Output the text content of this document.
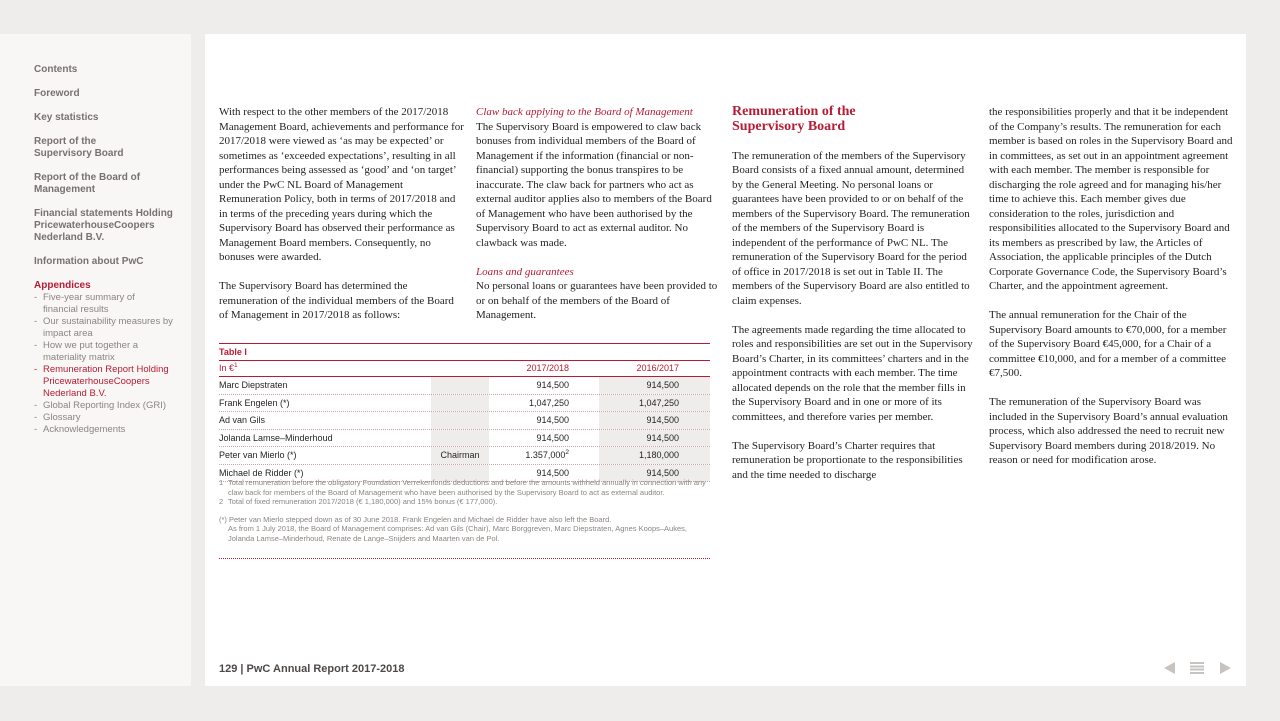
Contents
Foreword
Key statistics
Report of the Supervisory Board
Report of the Board of Management
Financial statements Holding PricewaterhouseCoopers Nederland B.V.
Information about PwC
Appendices
- Five-year summary of financial results
- Our sustainability measures by impact area
- How we put together a materiality matrix
- Remuneration Report Holding PricewaterhouseCoopers Nederland B.V.
- Global Reporting Index (GRI)
- Glossary
- Acknowledgements

With respect to the other members of the 2017/2018 Management Board, achievements and performance for 2017/2018 were viewed as ‘as may be expected’ or sometimes as ‘exceeded expectations’, resulting in all performances being assessed as ‘good’ and ‘on target’ under the PwC NL Board of Management Remuneration Policy, both in terms of 2017/2018 and in terms of the preceding years during which the Supervisory Board has observed their performance as Management Board members. Consequently, no bonuses were awarded.

The Supervisory Board has determined the remuneration of the individual members of the Board of Management in 2017/2018 as follows:

Claw back applying to the Board of Management
The Supervisory Board is empowered to claw back bonuses from individual members of the Board of Management if the information (financial or non-financial) supporting the bonus transpires to be inaccurate. The claw back for partners who act as external auditor applies also to members of the Board of Management who have been authorised by the Supervisory Board to act as external auditor. No clawback was made.

Loans and guarantees
No personal loans or guarantees have been provided to or on behalf of the members of the Board of Management.

Remuneration of the Supervisory Board

The remuneration of the members of the Supervisory Board consists of a fixed annual amount, determined by the General Meeting. No personal loans or guarantees have been provided to or on behalf of the members of the Supervisory Board. The remuneration of the members of the Supervisory Board is independent of the performance of PwC NL. The remuneration of the Supervisory Board for the period of office in 2017/2018 is set out in Table II. The members of the Supervisory Board are also entitled to claim expenses.

The agreements made regarding the time allocated to roles and responsibilities are set out in the Supervisory Board’s Charter, in its committees’ charters and in the appointment contracts with each member. The time allocated depends on the role that the member fills in the Supervisory Board and in one or more of its committees, and therefore varies per member.

The Supervisory Board’s Charter requires that remuneration be proportionate to the responsibilities and the time needed to discharge

the responsibilities properly and that it be independent of the Company’s results. The remuneration for each member is based on roles in the Supervisory Board and in committees, as set out in an appointment agreement with each member. The member is responsible for discharging the role agreed and for managing his/her time to achieve this. Each member gives due consideration to the roles, jurisdiction and responsibilities allocated to the Supervisory Board and its members as prescribed by law, the Articles of Association, the applicable principles of the Dutch Corporate Governance Code, the Supervisory Board’s Charter, and the appointment agreement.

The annual remuneration for the Chair of the Supervisory Board amounts to €70,000, for a member of the Supervisory Board €45,000, for a Chair of a committee €10,000, and for a member of a committee €7,500.

The remuneration of the Supervisory Board was included in the Supervisory Board’s annual evaluation process, which also addressed the need to recruit new Supervisory Board members during 2018/2019. No reason or need for modification arose.

Table I
In €$^1$	2017/2018	2016/2017
Marc Diepstraten	914,500	914,500
Frank Engelen (*)	1,047,250	1,047,250
Ad van Gils	914,500	914,500
Jolanda Lamse–Minderhoud	914,500	914,500
Peter van Mierlo (*)	Chairman	1.357,000$^2$	1,180,000
Michael de Ridder (*)	914,500	914,500
1 Total remuneration before the obligatory Foundation Verrekenfonds deductions and before the amounts withheld annually in connection with any claw back for members of the Board of Management who have been authorised by the Supervisory Board to act as external auditor.
2 Total of fixed remuneration 2017/2018 (€ 1,180,000) and 15% bonus (€ 177,000).
(*) Peter van Mierlo stepped down as of 30 June 2018. Frank Engelen and Michael de Ridder have also left the Board.
As from 1 July 2018, the Board of Management comprises: Ad van Gils (Chair), Marc Borggreven, Marc Diepstraten, Agnes Koops–Aukes, Jolanda Lamse–Minderhoud, Renate de Lange–Snijders and Maarten van de Pol.
129 | PwC Annual Report 2017-2018
